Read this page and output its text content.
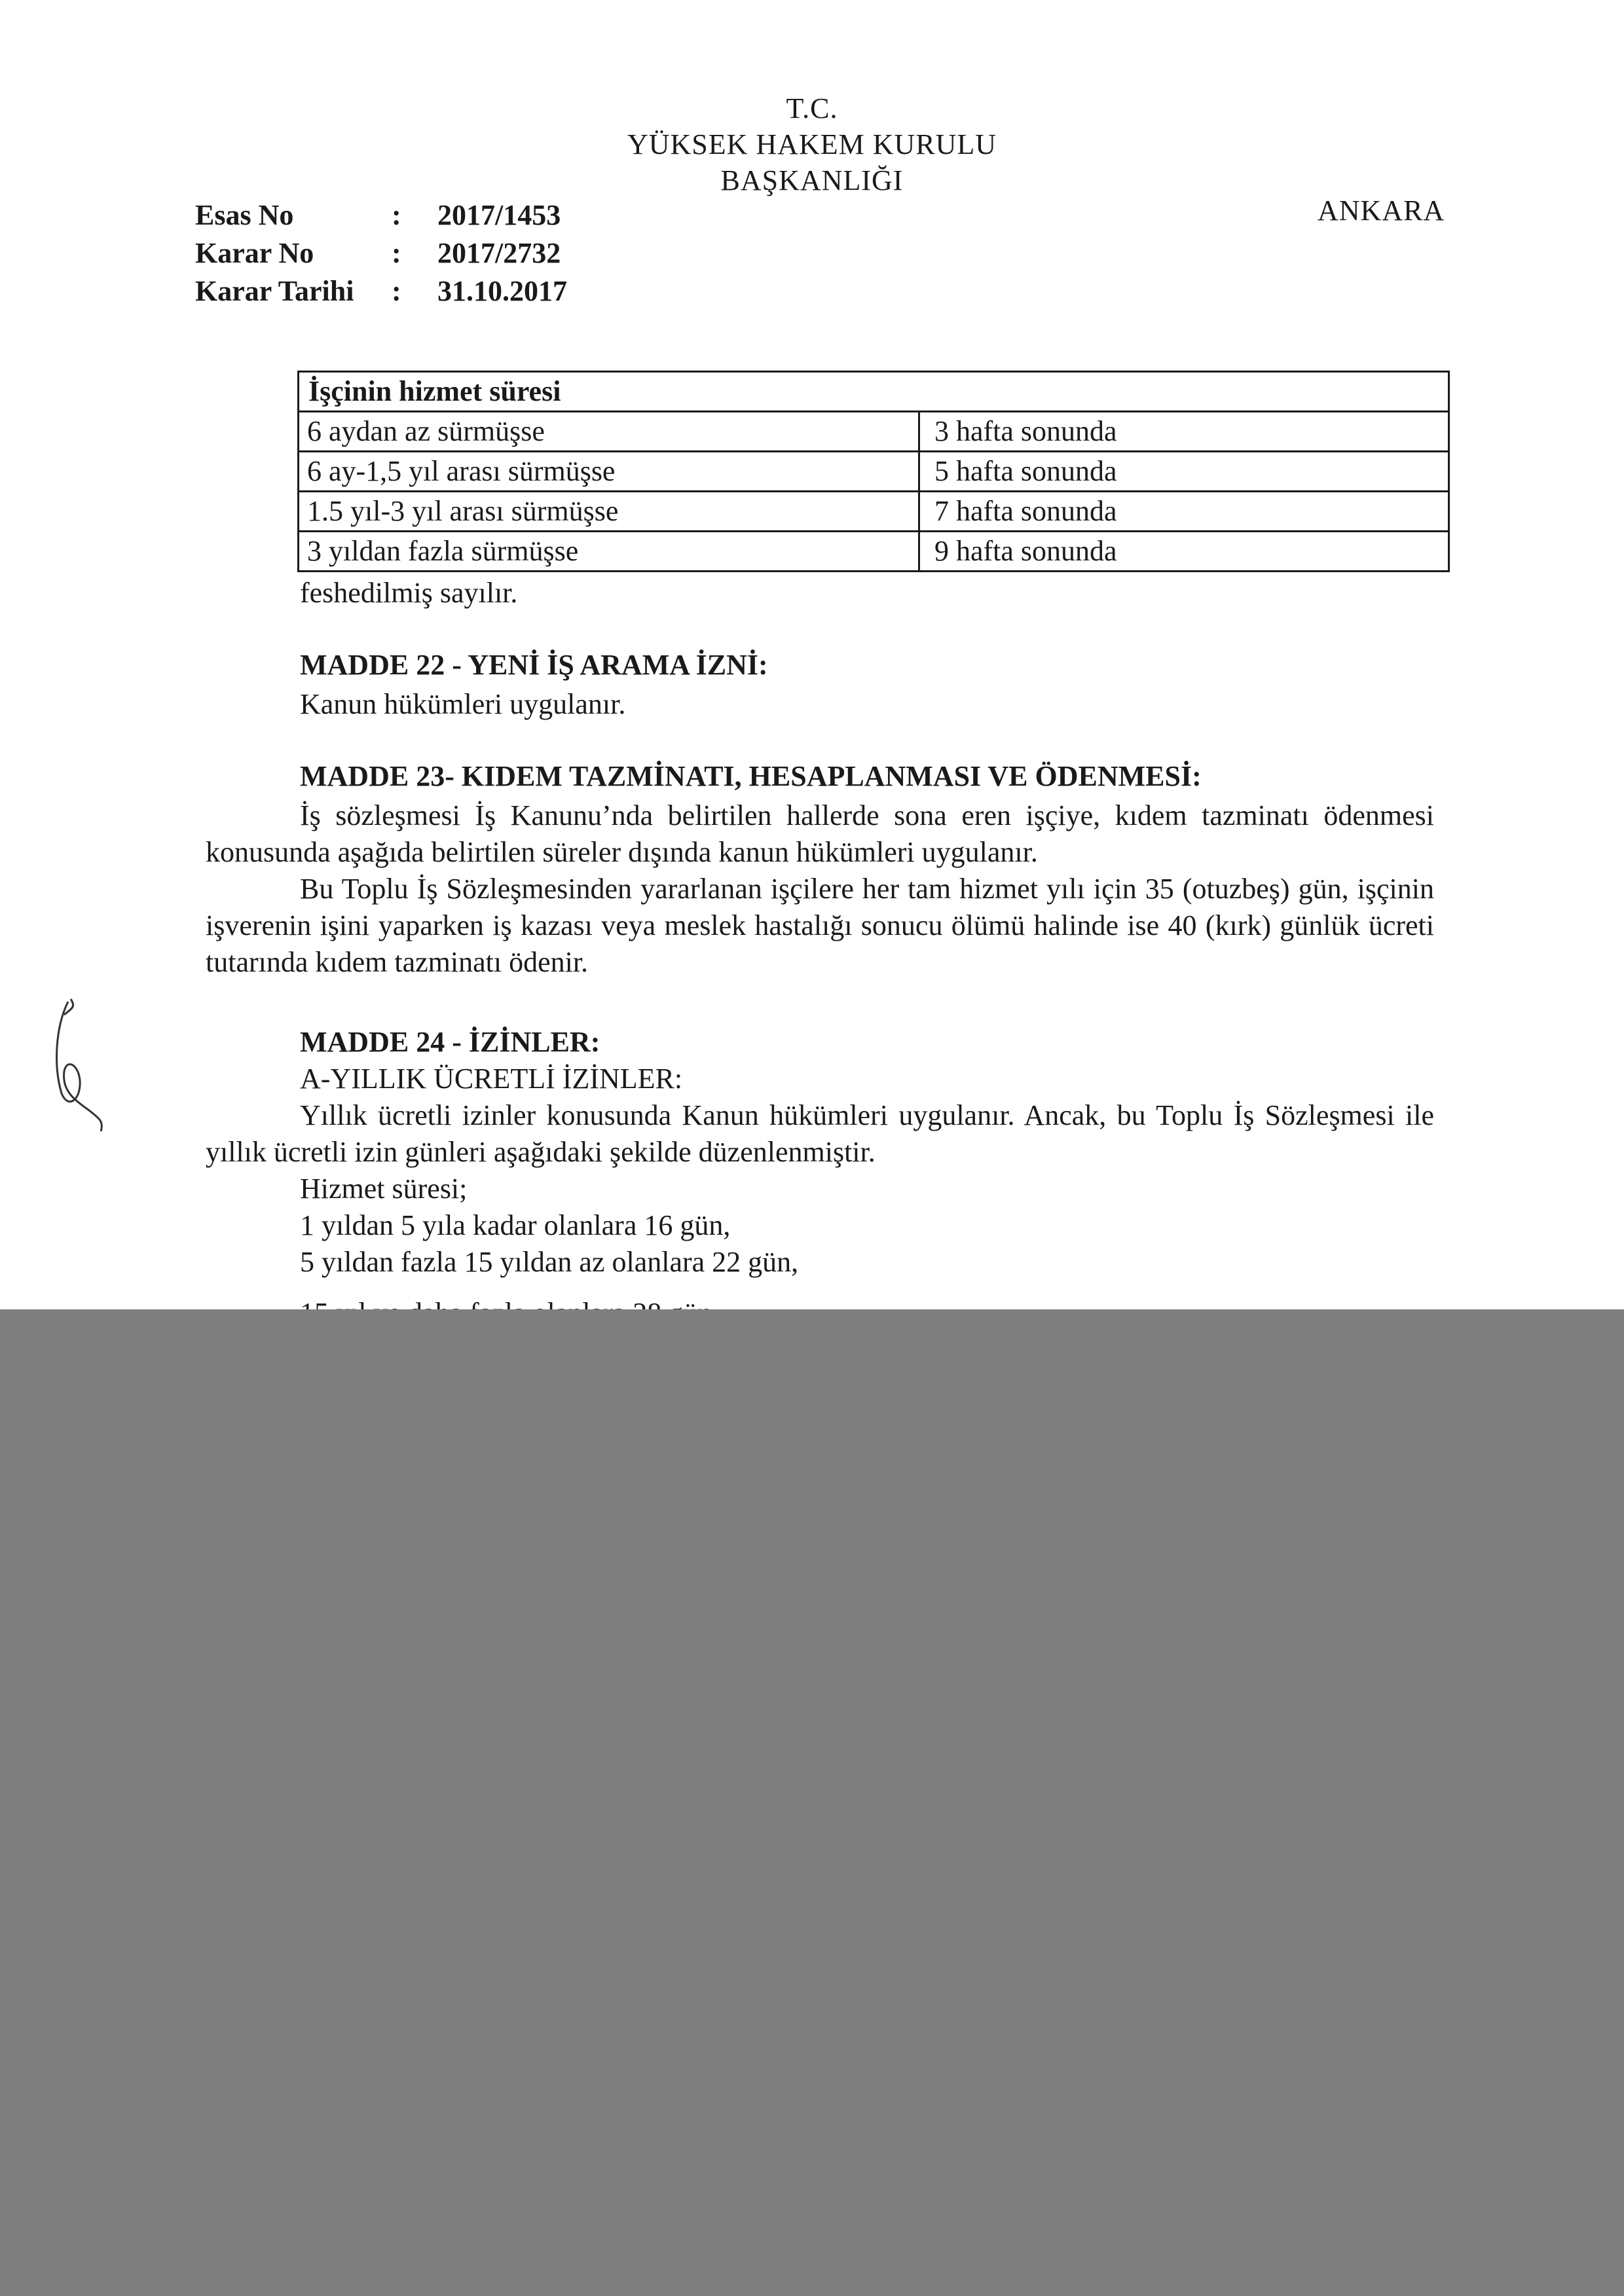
T.C.
YÜKSEK HAKEM KURULU
BAŞKANLIĞI
Esas No	:	2017/1453
Karar No	:	2017/2732
Karar Tarihi	:	31.10.2017
ANKARA
İşçinin hizmet süresi
6 aydan az sürmüşse	3 hafta sonunda
6 ay-1,5 yıl arası sürmüşse	5 hafta sonunda
1.5 yıl-3 yıl arası sürmüşse	7 hafta sonunda
3 yıldan fazla sürmüşse	9 hafta sonunda
feshedilmiş sayılır.
MADDE 22 - YENİ İŞ ARAMA İZNİ:
Kanun hükümleri uygulanır.
MADDE 23- KIDEM TAZMİNATI, HESAPLANMASI VE ÖDENMESİ:
İş sözleşmesi İş Kanunu’nda belirtilen hallerde sona eren işçiye, kıdem tazminatı ödenmesi konusunda aşağıda belirtilen süreler dışında kanun hükümleri uygulanır.
Bu Toplu İş Sözleşmesinden yararlanan işçilere her tam hizmet yılı için 35 (otuzbeş) gün, işçinin işverenin işini yaparken iş kazası veya meslek hastalığı sonucu ölümü halinde ise 40 (kırk) günlük ücreti tutarında kıdem tazminatı ödenir.
MADDE 24 - İZİNLER:
A-YILLIK ÜCRETLİ İZİNLER:
Yıllık ücretli izinler konusunda Kanun hükümleri uygulanır. Ancak, bu Toplu İş Sözleşmesi ile yıllık ücretli izin günleri aşağıdaki şekilde düzenlenmiştir.
Hizmet süresi;
1 yıldan 5 yıla kadar olanlara 16 gün,
5 yıldan fazla 15 yıldan az olanlara 22 gün,
